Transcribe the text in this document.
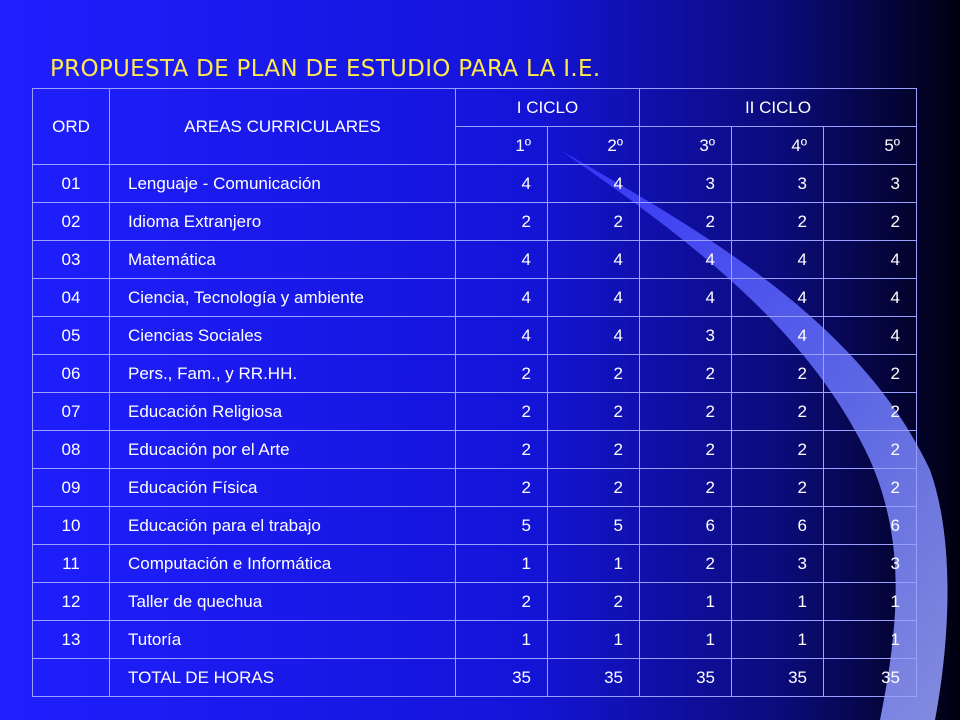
PROPUESTA DE PLAN DE ESTUDIO PARA LA I.E.
ORD	AREAS CURRICULARES	I CICLO		II CICLO		
		1º	2º	3º	4º	5º
01	Lenguaje - Comunicación	4	4	3	3	3
02	Idioma Extranjero	2	2	2	2	2
03	Matemática	4	4	4	4	4
04	Ciencia, Tecnología y ambiente	4	4	4	4	4
05	Ciencias Sociales	4	4	3	4	4
06	Pers., Fam., y RR.HH.	2	2	2	2	2
07	Educación Religiosa	2	2	2	2	2
08	Educación por el Arte	2	2	2	2	2
09	Educación Física	2	2	2	2	2
10	Educación para el trabajo	5	5	6	6	6
11	Computación e Informática	1	1	2	3	3
12	Taller de quechua	2	2	1	1	1
13	Tutoría	1	1	1	1	1
	TOTAL DE HORAS	35	35	35	35	35
